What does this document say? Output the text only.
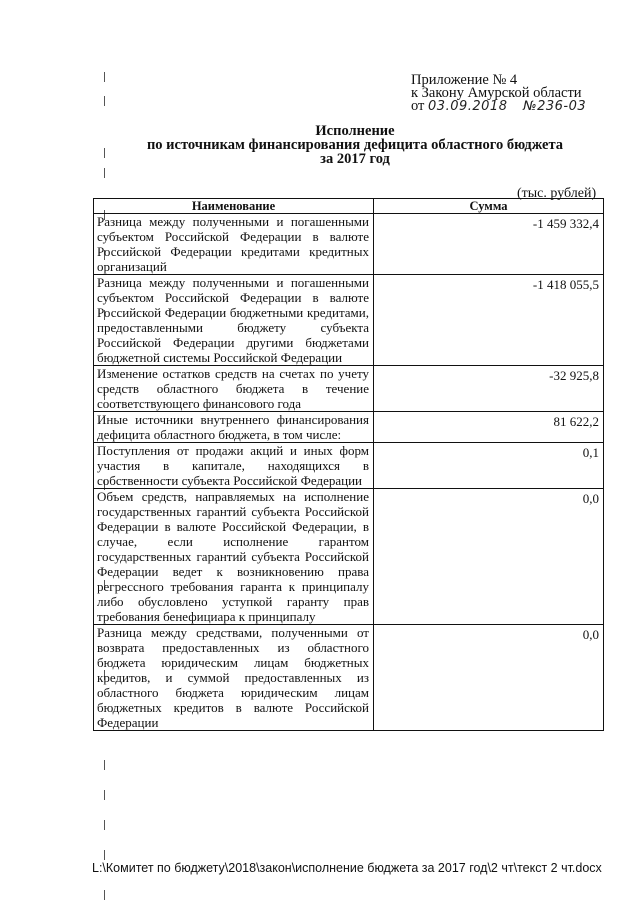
Приложение № 4
к Закону Амурской области
от 03.09.2018 №236-03
Исполнение
по источникам финансирования дефицита областного бюджета
за 2017 год
(тыс. рублей)
Наименование	Сумма
Разница между полученными и погашенными субъектом Российской Федерации в валюте Российской Федерации кредитами кредитных организаций	-1 459 332,4
Разница между полученными и погашенными субъектом Российской Федерации в валюте Российской Федерации бюджетными кредитами, предоставленными бюджету субъекта Российской Федерации другими бюджетами бюджетной системы Российской Федерации	-1 418 055,5
Изменение остатков средств на счетах по учету средств областного бюджета в течение соответствующего финансового года	-32 925,8
Иные источники внутреннего финансирования дефицита областного бюджета, в том числе:	81 622,2
Поступления от продажи акций и иных форм участия в капитале, находящихся в собственности субъекта Российской Федерации	0,1
Объем средств, направляемых на исполнение государственных гарантий субъекта Российской Федерации в валюте Российской Федерации, в случае, если исполнение гарантом государственных гарантий субъекта Российской Федерации ведет к возникновению права регрессного требования гаранта к принципалу либо обусловлено уступкой гаранту прав требования бенефициара к принципалу	0,0
Разница между средствами, полученными от возврата предоставленных из областного бюджета юридическим лицам бюджетных кредитов, и суммой предоставленных из областного бюджета юридическим лицам бюджетных кредитов в валюте Российской Федерации	0,0
L:\Комитет по бюджету\2018\закон\исполнение бюджета за 2017 год\2 чт\текст 2 чт.docx
